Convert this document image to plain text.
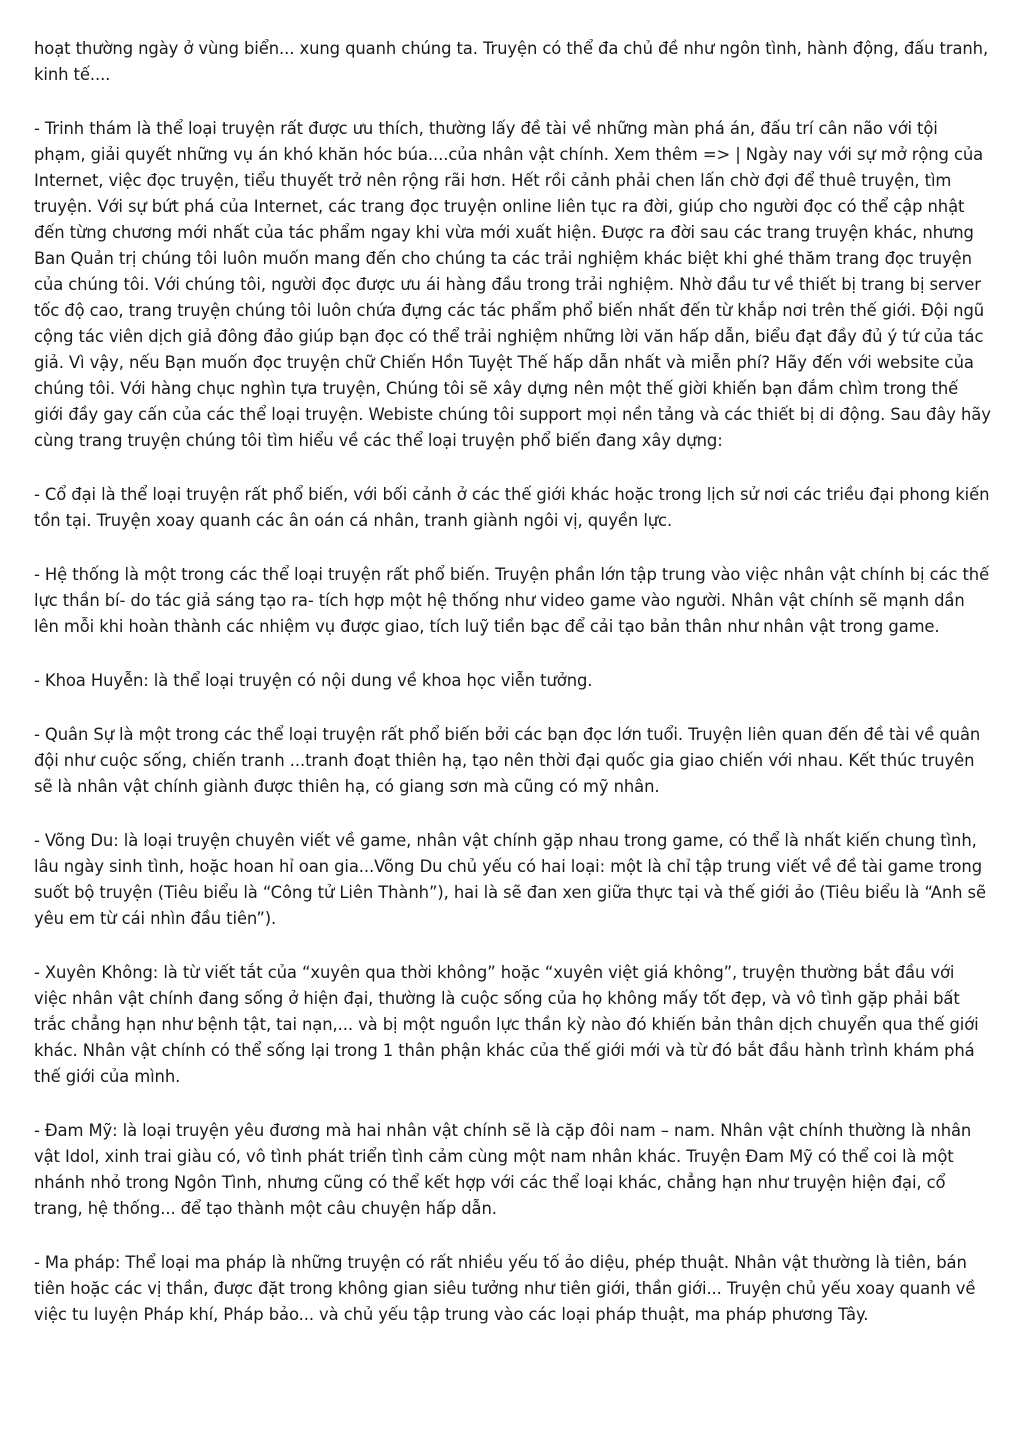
hoạt thường ngày ở vùng biển... xung quanh chúng ta. Truyện có thể đa chủ đề như ngôn tình, hành động, đấu tranh, kinh tế....

- Trinh thám là thể loại truyện rất được ưu thích, thường lấy đề tài về những màn phá án, đấu trí cân não với tội phạm, giải quyết những vụ án khó khăn hóc búa....của nhân vật chính. Xem thêm => | Ngày nay với sự mở rộng của Internet, việc đọc truyện, tiểu thuyết trở nên rộng rãi hơn. Hết rồi cảnh phải chen lấn chờ đợi để thuê truyện, tìm truyện. Với sự bứt phá của Internet, các trang đọc truyện online liên tục ra đời, giúp cho người đọc có thể cập nhật đến từng chương mới nhất của tác phẩm ngay khi vừa mới xuất hiện. Được ra đời sau các trang truyện khác, nhưng Ban Quản trị chúng tôi luôn muốn mang đến cho chúng ta các trải nghiệm khác biệt khi ghé thăm trang đọc truyện của chúng tôi. Với chúng tôi, người đọc được ưu ái hàng đầu trong trải nghiệm. Nhờ đầu tư về thiết bị trang bị server tốc độ cao, trang truyện chúng tôi luôn chứa đựng các tác phẩm phổ biến nhất đến từ khắp nơi trên thế giới. Đội ngũ cộng tác viên dịch giả đông đảo giúp bạn đọc có thể trải nghiệm những lời văn hấp dẫn, biểu đạt đầy đủ ý tứ của tác giả. Vì vậy, nếu Bạn muốn đọc truyện chữ Chiến Hồn Tuyệt Thế hấp dẫn nhất và miễn phí? Hãy đến với website của chúng tôi. Với hàng chục nghìn tựa truyện, Chúng tôi sẽ xây dựng nên một thế giời khiến bạn đắm chìm trong thế giới đầy gay cấn của các thể loại truyện. Webiste chúng tôi support mọi nền tảng và các thiết bị di động. Sau đây hãy cùng trang truyện chúng tôi tìm hiểu về các thể loại truyện phổ biến đang xây dựng:

- Cổ đại là thể loại truyện rất phổ biến, với bối cảnh ở các thế giới khác hoặc trong lịch sử nơi các triều đại phong kiến tồn tại. Truyện xoay quanh các ân oán cá nhân, tranh giành ngôi vị, quyền lực.

- Hệ thống là một trong các thể loại truyện rất phổ biến. Truyện phần lớn tập trung vào việc nhân vật chính bị các thế lực thần bí- do tác giả sáng tạo ra- tích hợp một hệ thống như video game vào người. Nhân vật chính sẽ mạnh dần lên mỗi khi hoàn thành các nhiệm vụ được giao, tích luỹ tiền bạc để cải tạo bản thân như nhân vật trong game.

- Khoa Huyễn: là thể loại truyện có nội dung về khoa học viễn tưởng.

- Quân Sự là một trong các thể loại truyện rất phổ biến bởi các bạn đọc lớn tuổi. Truyện liên quan đến đề tài về quân đội như cuộc sống, chiến tranh ...tranh đoạt thiên hạ, tạo nên thời đại quốc gia giao chiến với nhau. Kết thúc truyên sẽ là nhân vật chính giành được thiên hạ, có giang sơn mà cũng có mỹ nhân.

- Võng Du: là loại truyện chuyên viết về game, nhân vật chính gặp nhau trong game, có thể là nhất kiến chung tình, lâu ngày sinh tình, hoặc hoan hỉ oan gia...Võng Du chủ yếu có hai loại: một là chỉ tập trung viết về đề tài game trong suốt bộ truyện (Tiêu biểu là “Công tử Liên Thành”), hai là sẽ đan xen giữa thực tại và thế giới ảo (Tiêu biểu là “Anh sẽ yêu em từ cái nhìn đầu tiên”).

- Xuyên Không: là từ viết tắt của “xuyên qua thời không” hoặc “xuyên việt giá không”, truyện thường bắt đầu với việc nhân vật chính đang sống ở hiện đại, thường là cuộc sống của họ không mấy tốt đẹp, và vô tình gặp phải bất trắc chẳng hạn như bệnh tật, tai nạn,... và bị một nguồn lực thần kỳ nào đó khiến bản thân dịch chuyển qua thế giới khác. Nhân vật chính có thể sống lại trong 1 thân phận khác của thế giới mới và từ đó bắt đầu hành trình khám phá thế giới của mình.

- Đam Mỹ: là loại truyện yêu đương mà hai nhân vật chính sẽ là cặp đôi nam – nam. Nhân vật chính thường là nhân vật Idol, xinh trai giàu có, vô tình phát triển tình cảm cùng một nam nhân khác. Truyện Đam Mỹ có thể coi là một nhánh nhỏ trong Ngôn Tình, nhưng cũng có thể kết hợp với các thể loại khác, chẳng hạn như truyện hiện đại, cổ trang, hệ thống... để tạo thành một câu chuyện hấp dẫn.

- Ma pháp: Thể loại ma pháp là những truyện có rất nhiều yếu tố ảo diệu, phép thuật. Nhân vật thường là tiên, bán tiên hoặc các vị thần, được đặt trong không gian siêu tưởng như tiên giới, thần giới... Truyện chủ yếu xoay quanh về việc tu luyện Pháp khí, Pháp bảo... và chủ yếu tập trung vào các loại pháp thuật, ma pháp phương Tây.
